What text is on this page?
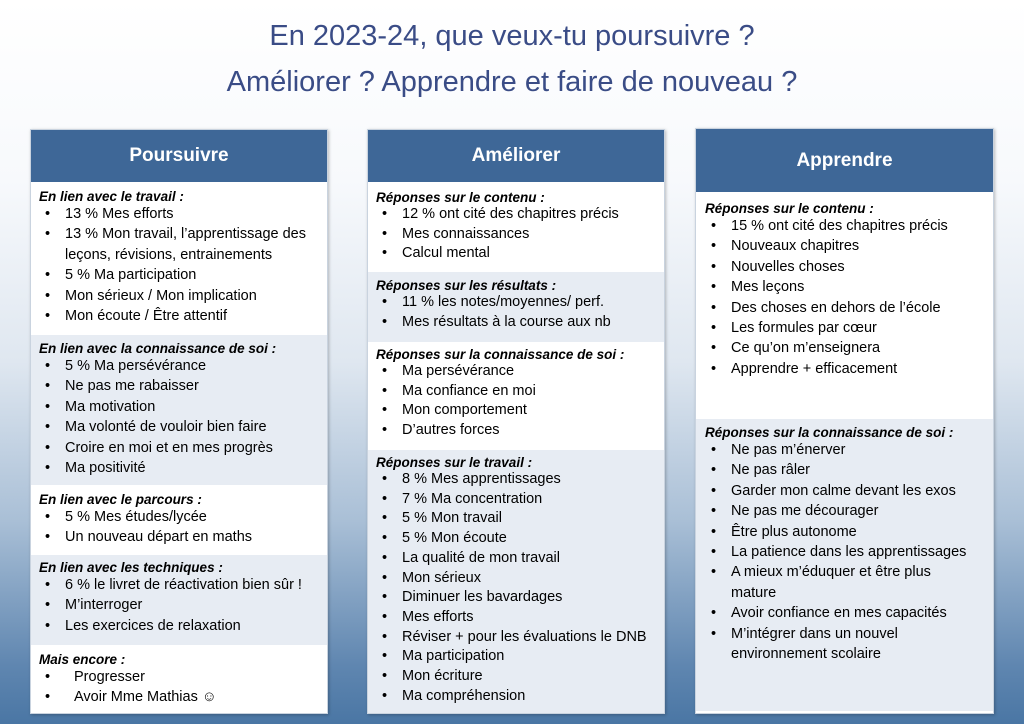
En 2023-24, que veux-tu poursuivre ?
Améliorer ? Apprendre et faire de nouveau ?
Poursuivre
En lien avec le travail :
• 13 % Mes efforts
• 13 % Mon travail, l’apprentissage des leçons, révisions, entrainements
• 5 % Ma participation
• Mon sérieux / Mon implication
• Mon écoute / Être attentif
En lien avec la connaissance de soi :
• 5 % Ma persévérance
• Ne pas me rabaisser
• Ma motivation
• Ma volonté de vouloir bien faire
• Croire en moi et en mes progrès
• Ma positivité
En lien avec le parcours :
• 5 % Mes études/lycée
• Un nouveau départ en maths
En lien avec les techniques :
• 6 % le livret de réactivation bien sûr !
• M’interroger
• Les exercices de relaxation
Mais encore :
• Progresser
• Avoir Mme Mathias ☺
Améliorer
Réponses sur le contenu :
• 12 % ont cité des chapitres précis
• Mes connaissances
• Calcul mental
Réponses sur les résultats :
• 11 % les notes/moyennes/ perf.
• Mes résultats à la course aux nb
Réponses sur la connaissance de soi :
• Ma persévérance
• Ma confiance en moi
• Mon comportement
• D’autres forces
Réponses sur le travail :
• 8 % Mes apprentissages
• 7 % Ma concentration
• 5 % Mon travail
• 5 % Mon écoute
• La qualité de mon travail
• Mon sérieux
• Diminuer les bavardages
• Mes efforts
• Réviser + pour les évaluations le DNB
• Ma participation
• Mon écriture
• Ma compréhension
Apprendre
Réponses sur le contenu :
• 15 % ont cité des chapitres précis
• Nouveaux chapitres
• Nouvelles choses
• Mes leçons
• Des choses en dehors de l’école
• Les formules par cœur
• Ce qu’on m’enseignera
• Apprendre + efficacement
Réponses sur la connaissance de soi :
• Ne pas m’énerver
• Ne pas râler
• Garder mon calme devant les exos
• Ne pas me décourager
• Être plus autonome
• La patience dans les apprentissages
• A mieux m’éduquer et être plus mature
• Avoir confiance en mes capacités
• M’intégrer dans un nouvel environnement scolaire
